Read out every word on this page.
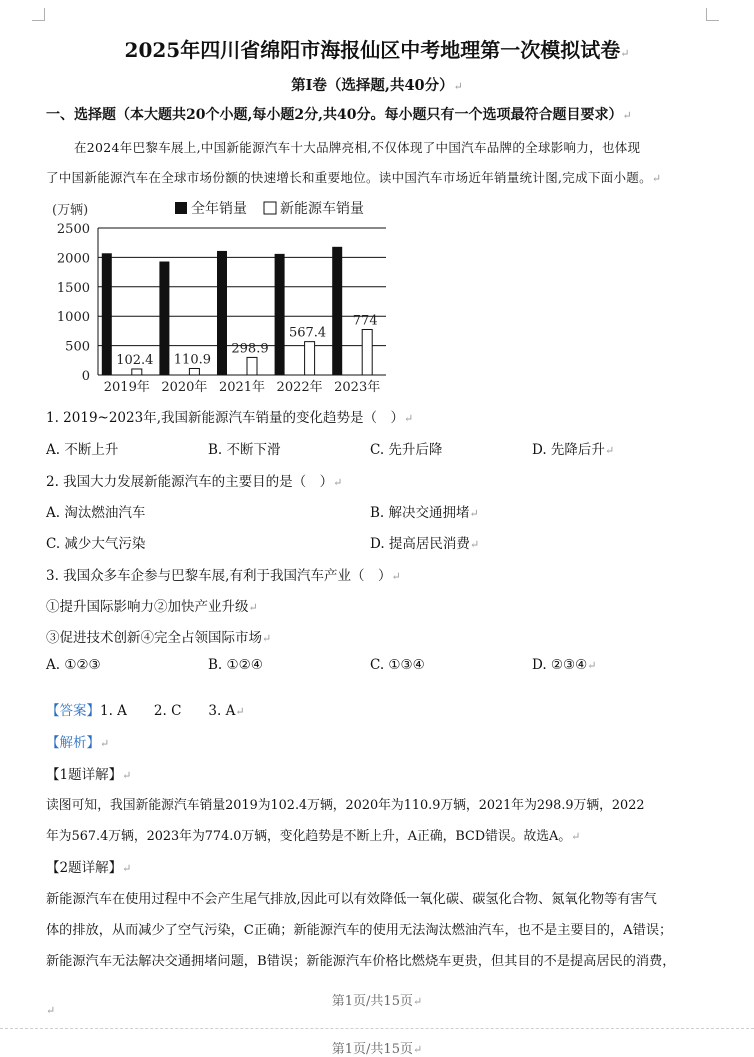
2025年四川省绵阳市海报仙区中考地理第一次模拟试卷↵
第I卷（选择题,共40分）↵
一、选择题（本大题共20个小题,每小题2分,共40分。每小题只有一个选项最符合题目要求）↵
在2024年巴黎车展上,中国新能源汽车十大品牌亮相,不仅体现了中国汽车品牌的全球影响力，也体现
了中国新能源汽车在全球市场份额的快速增长和重要地位。读中国汽车市场近年销量统计图,完成下面小题。↵
102.4 110.9
298.9
567.4
774
(万辆)
0
500
1000
1500
2000
2500
2019年 2020年 2021年 2022年 2023年
全年销量 新能源车销量
1. 2019~2023年,我国新能源汽车销量的变化趋势是（　）↵
A. 不断上升	B. 不断下滑	C. 先升后降	D. 先降后升↵
2. 我国大力发展新能源汽车的主要目的是（　）↵
A. 淘汰燃油汽车	B. 解决交通拥堵↵
C. 减少大气污染	D. 提高居民消费↵
3. 我国众多车企参与巴黎车展,有利于我国汽车产业（　）↵
①提升国际影响力②加快产业升级↵
③促进技术创新④完全占领国际市场↵
A. ①②③	B. ①②④	C. ①③④	D. ②③④↵
【答案】1. A　　2. C　　3. A↵
【解析】↵
【1题详解】↵
读图可知，我国新能源汽车销量2019为102.4万辆，2020年为110.9万辆，2021年为298.9万辆，2022
年为567.4万辆，2023年为774.0万辆，变化趋势是不断上升，A正确，BCD错误。故选A。↵
【2题详解】↵
新能源汽车在使用过程中不会产生尾气排放,因此可以有效降低一氧化碳、碳氢化合物、氮氧化物等有害气
体的排放，从而减少了空气污染，C正确；新能源汽车的使用无法淘汰燃油汽车，也不是主要目的，A错误；
新能源汽车无法解决交通拥堵问题，B错误；新能源汽车价格比燃烧车更贵，但其目的不是提高居民的消费，
第1页/共15页↵
↵
第1页/共15页↵
